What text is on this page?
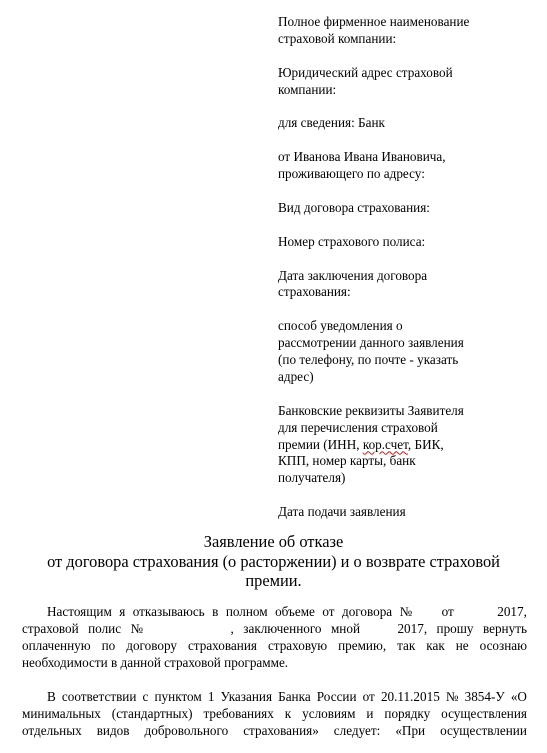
Полное фирменное наименование
страховой компании:
Юридический адрес страховой
компании:
для сведения: Банк
от Иванова Ивана Ивановича,
проживающего по адресу:
Вид договора страхования:
Номер страхового полиса:
Дата заключения договора
страхования:
способ уведомления о
рассмотрении данного заявления
(по телефону, по почте - указать
адрес)
Банковские реквизиты Заявителя
для перечисления страховой
премии (ИНН, кор.счет, БИК,
КПП, номер карты, банк
получателя)
Дата подачи заявления
Заявление об отказе
от договора страхования (о расторжении) и о возврате страховой
премии.
Настоящим я отказываюсь в полном объеме от договора № от	2017,
страховой полис №	, заключенного мной	2017, прошу вернуть
оплаченную по договору страхования страховую премию, так как не осознаю
необходимости в данной страховой программе.
В соответствии с пунктом 1 Указания Банка России от 20.11.2015 № 3854-У «О
минимальных (стандартных) требованиях к условиям и порядку осуществления
отдельных видов добровольного страхования» следует: «При осуществлении
